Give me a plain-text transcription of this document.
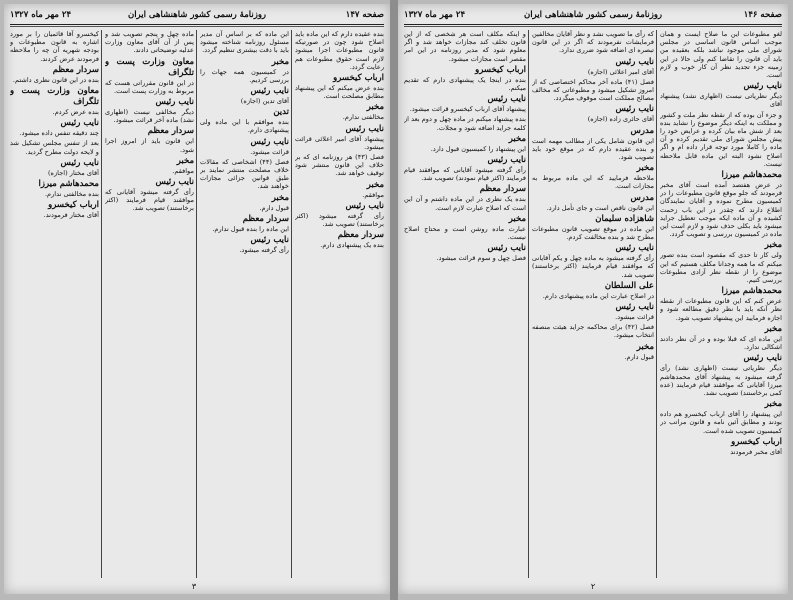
صفحه ۱۴۷
روزنامهٔ رسمی کشور شاهنشاهی ایران
۲۴ مهر ماه ۱۳۲۷
بنده عقیده دارم که این ماده باید اصلاح شود چون در صورتیکه قانون مطبوعات اجرا میشود لازم است حقوق مطبوعات هم رعایت گردد.
ارباب کیخسرو
بنده عرض میکنم که این پیشنهاد مطابق مصلحت است.
مخبر
مخالفتی ندارم.
نایب رئیس
پیشنهاد آقای امیر اعلائی قرائت میشود.
فصل (۴۳) هر روزنامه ای که بر خلاف این قانون منتشر شود توقیف خواهد شد.
مخبر
موافقم.
نایب رئیس
رأی گرفته میشود (اکثر برخاستند) تصویب شد.
سردار معظم
بنده یک پیشنهادی دارم.
این ماده که بر اساس آن مدیر مسئول روزنامه شناخته میشود باید با دقت بیشتری تنظیم گردد.
مخبر
در کمیسیون همه جهات را بررسی کردیم.
نایب رئیس
آقای تدین (اجازه)
تدین
بنده موافقم با این ماده ولی پیشنهادی دارم.
نایب رئیس
قرائت میشود.
فصل (۴۴) اشخاصی که مقالات خلاف مصلحت منتشر نمایند بر طبق قوانین جزائی مجازات خواهند شد.
مخبر
قبول دارم.
سردار معظم
این ماده را بنده قبول ندارم.
نایب رئیس
رأی گرفته میشود.
ماده چهل و پنجم تصویب شد و پس از آن آقای معاون وزارت عدلیه توضیحاتی دادند.
معاون وزارت پست و تلگراف
در این قانون مقرراتی هست که مربوط به وزارت پست است.
نایب رئیس
دیگر مخالفی نیست (اظهاری نشد) ماده آخر قرائت میشود.
سردار معظم
این قانون باید از امروز اجرا شود.
مخبر
موافقم.
نایب رئیس
رأی گرفته میشود آقایانی که موافقند قیام فرمایند (اکثر برخاستند) تصویب شد.
کیخسرو آقا قائمیان را بر مورد اشاره به قانون مطبوعات و بودجه شهریه آن چه را ملاحظه فرمودند عرض کردند.
سردار معظم
بنده در این قانون نظری داشتم.
معاون وزارت پست و تلگراف
بنده عرض کردم.
نایب رئیس
چند دقیقه تنفس داده میشود.
بعد از تنفس مجلس تشکیل شد و لایحه دولت مطرح گردید.
نایب رئیس
آقای مختار (اجازه)
محمدهاشم میرزا
بنده مخالفتی ندارم.
ارباب کیخسرو
آقای مختار فرمودند.
۳
صفحه ۱۴۶
روزنامهٔ رسمی کشور شاهنشاهی ایران
۲۴ مهر ماه ۱۳۲۷
لغو مطبوعات این ما صلاح ایست و همان موجب اساس قانون اساسی در مجلس شورای ملی موجود نباشد بلکه بعقیده من باید آن قانون را تقاضا کنم ولی حالا در این زمینه جزء تجدید نظر آن کار خوب و لازم است.
نایب رئیس
دیگر نظریاتی نیست (اظهاری نشد) پیشنهاد آقای
و جزء آن بوده که از نقطه نظر ملت و کشور و مملکت به اینکه دیگر موضوع را نشاید بنده بعد از شش ماه بیان کرده و عرایض خود را پیش مجلس شورای ملی تقدیم کرده و آن ماده را کاملا مورد توجه قرار داده ام و اگر اصلاح نشود البته این ماده قابل ملاحظه نیست.
محمدهاشم میرزا
در عرض هفتصد آمده است آقای مخبر فرمودند که جلو موقع قانون مطبوعات را در کمیسیون مطرح نموده و آقایان نمایندگان اطلاع دارند که چقدر در این باب زحمت کشیده و آن ماده ایکه موجب تعطیل جراید میشود باید بکلی حذف شود و لازم است این ماده در کمیسیون بررسی و تصویب گردد.
مخبر
ولی کار تا حدی که مقصود است بنده تصور میکنم که ما همه وجدانا مکلف هستیم که این موضوع را از نقطه نظر آزادی مطبوعات بررسی کنیم.
محمدهاشم میرزا
عرض کنم که این قانون مطبوعات از نقطه نظر آنکه باید با نظر دقیق مطالعه شود و اجازه فرمایید این پیشنهاد تصویب شود.
مخبر
این ماده ای که قبلا بوده و در آن نظر دادند اشکالی ندارد.
نایب رئیس
دیگر نظریاتی نیست (اظهاری نشد) رأی گرفته میشود به پیشنهاد آقای محمدهاشم میرزا آقایانی که موافقند قیام فرمایند (عده کمی برخاستند) تصویب نشد.
مخبر
این پیشنهاد را آقای ارباب کیخسرو هم داده بودند و مطابق آئین نامه و قانون مراتب در کمیسیون تصویب شده است.
ارباب کیخسرو
آقای مخبر فرمودند
که رأی ما تصویب نشد و نظر آقایان مخالفین فرمایشات نفرمودند که اگر در این قانون تبصره ای اضافه شود ضرری ندارد.
نایب رئیس
آقای امیر اعلائی (اجازه)
فصل (۴۱) ماده آخر محاکم اختصاصی که از امروز تشکیل میشود و مطبوعاتی که مخالف مصالح مملکت است موقوف میگردد.
نایب رئیس
آقای حائری زاده (اجازه)
مدرس
این قانون شامل یکی از مطالب مهمه است و بنده عقیده دارم که در موقع خود باید تصویب شود.
مخبر
ملاحظه فرمایید که این ماده مربوط به مجازات است.
مدرس
این قانون ناقص است و جای تأمل دارد.
شاهزاده سلیمان
این ماده در موقع تصویب قانون مطبوعات مطرح شد و بنده مخالفت کردم.
نایب رئیس
رأی گرفته میشود به ماده چهل و یکم آقایانی که موافقند قیام فرمایند (اکثر برخاستند) تصویب شد.
علی السلطان
در اصلاح عبارت این ماده پیشنهادی دارم.
نایب رئیس
قرائت میشود.
فصل (۴۲) برای محاکمه جراید هیئت منصفه انتخاب میشود.
مخبر
قبول دارم.
و اینکه مکلف است هر شخصی که از این قانون تخلف کند مجازات خواهد شد و اگر معلوم شود که مدیر روزنامه در این امر مقصر است مجازات میشود.
ارباب کیخسرو
بنده در اینجا یک پیشنهادی دارم که تقدیم میکنم.
نایب رئیس
پیشنهاد آقای ارباب کیخسرو قرائت میشود.
بنده پیشنهاد میکنم در ماده چهل و دوم بعد از کلمه جراید اضافه شود و مجلات.
مخبر
این پیشنهاد را کمیسیون قبول دارد.
نایب رئیس
رأی گرفته میشود آقایانی که موافقند قیام فرمایند (اکثر قیام نمودند) تصویب شد.
سردار معظم
بنده یک نظری در این ماده داشتم و آن این است که اصلاح عبارت لازم است.
مخبر
عبارت ماده روشن است و محتاج اصلاح نیست.
نایب رئیس
فصل چهل و سوم قرائت میشود.
۲
